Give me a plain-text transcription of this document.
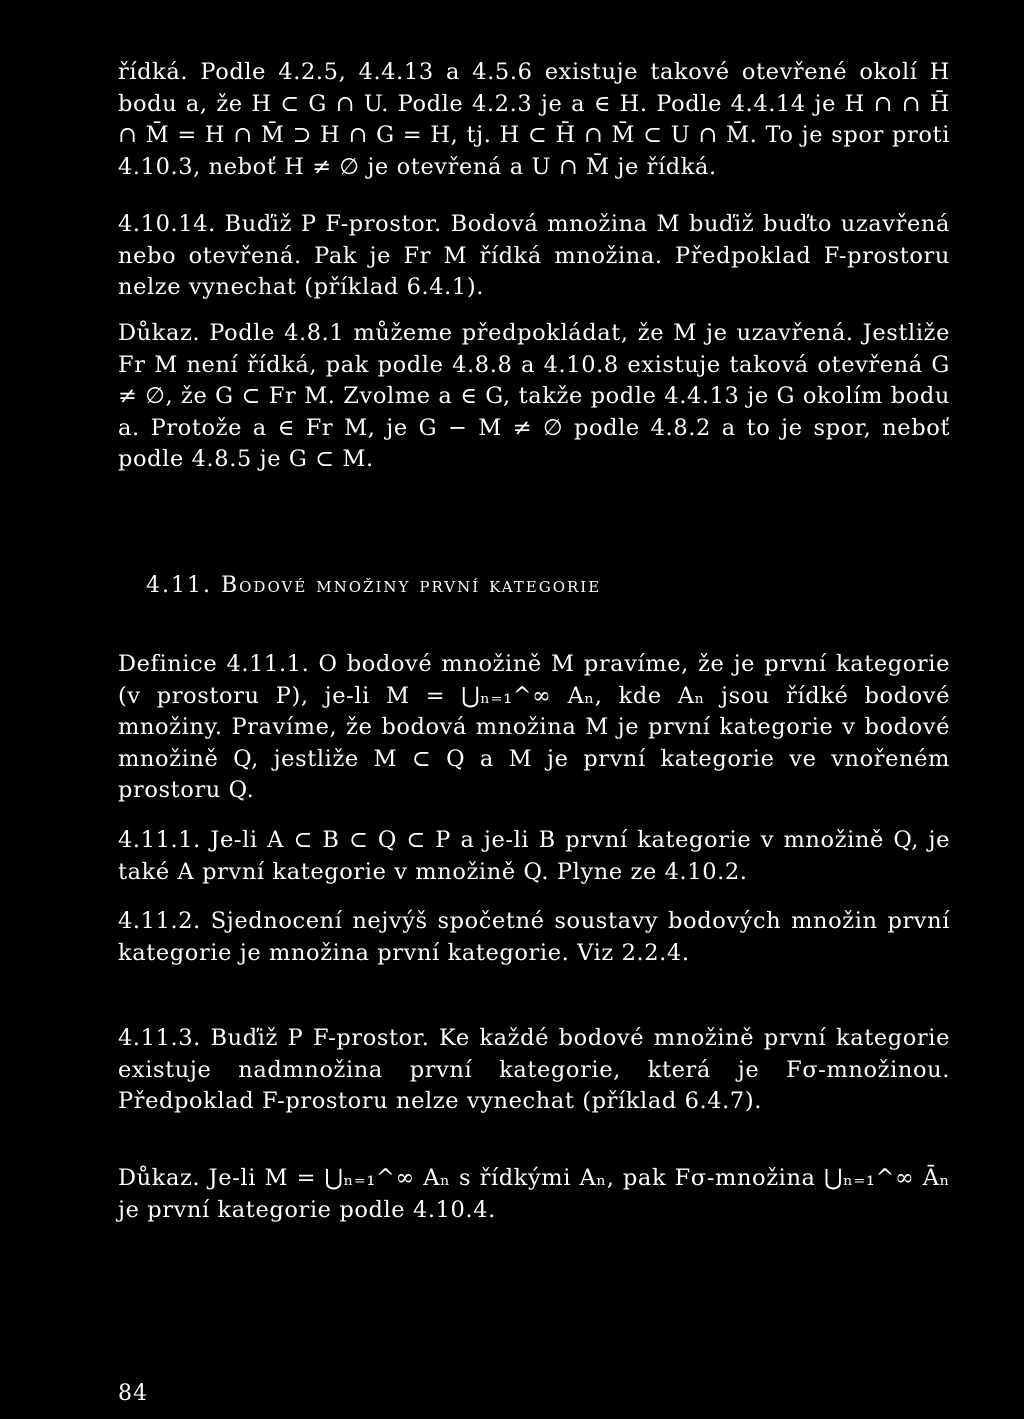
řídká. Podle 4.2.5, 4.4.13 a 4.5.6 existuje takové otevřené okolí H bodu a, že H ⊂ G ∩ U. Podle 4.2.3 je a ∈ H. Podle 4.4.14 je H ∩ ∩ H̄ ∩ M̄ = H ∩ M̄ ⊃ H ∩ G = H, tj. H ⊂ H̄ ∩ M̄ ⊂ U ∩ M̄. To je spor proti 4.10.3, neboť H ≠ ∅ je otevřená a U ∩ M̄ je řídká.

4.10.14. Buďiž P F-prostor. Bodová množina M buďiž buďto uzavřená nebo otevřená. Pak je Fr M řídká množina. Předpoklad F-prostoru nelze vynechat (příklad 6.4.1).

Důkaz. Podle 4.8.1 můžeme předpokládat, že M je uzavřená. Jestliže Fr M není řídká, pak podle 4.8.8 a 4.10.8 existuje taková otevřená G ≠ ∅, že G ⊂ Fr M. Zvolme a ∈ G, takže podle 4.4.13 je G okolím bodu a. Protože a ∈ Fr M, je G − M ≠ ∅ podle 4.8.2 a to je spor, neboť podle 4.8.5 je G ⊂ M.

4.11. Bodové množiny první kategorie

Definice 4.11.1. O bodové množině M pravíme, že je první kategorie (v prostoru P), je-li M = ⋃ₙ₌₁^∞ Aₙ, kde Aₙ jsou řídké bodové množiny. Pravíme, že bodová množina M je první kategorie v bodové množině Q, jestliže M ⊂ Q a M je první kategorie ve vnořeném prostoru Q.

4.11.1. Je-li A ⊂ B ⊂ Q ⊂ P a je-li B první kategorie v množině Q, je také A první kategorie v množině Q. Plyne ze 4.10.2.

4.11.2. Sjednocení nejvýš spočetné soustavy bodových množin první kategorie je množina první kategorie. Viz 2.2.4.

4.11.3. Buďiž P F-prostor. Ke každé bodové množině první kategorie existuje nadmnožina první kategorie, která je Fσ-množinou. Předpoklad F-prostoru nelze vynechat (příklad 6.4.7).

Důkaz. Je-li M = ⋃ₙ₌₁^∞ Aₙ s řídkými Aₙ, pak Fσ-množina ⋃ₙ₌₁^∞ Āₙ je první kategorie podle 4.10.4.

84
